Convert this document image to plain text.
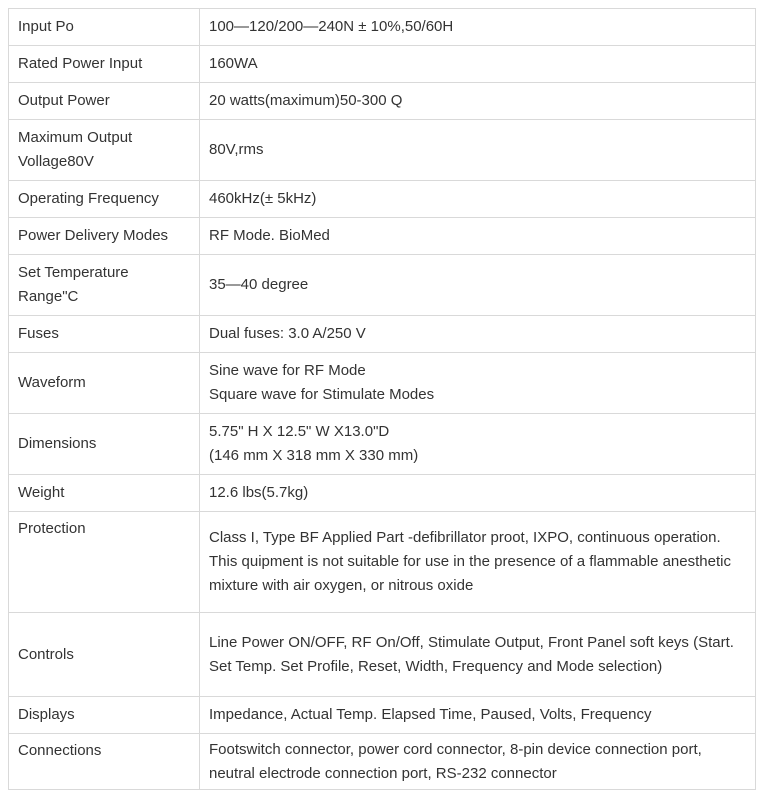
Input Po	100—120/200—240N ± 10%,50/60H
Rated Power Input	160WA
Output Power	20 watts(maximum)50-300 Q
Maximum Output Vollage80V	80V,rms
Operating Frequency	460kHz(± 5kHz)
Power Delivery Modes	RF Mode. BioMed
Set Temperature Range"C	35—40 degree
Fuses	Dual fuses: 3.0 A/250 V
Waveform	Sine wave for RF Mode
Square wave for Stimulate Modes
Dimensions	5.75" H X 12.5" W X13.0"D
(146 mm X 318 mm X 330 mm)
Weight	12.6 lbs(5.7kg)
Protection	Class I, Type BF Applied Part -defibrillator proot, IXPO, continuous operation. This quipment is not suitable for use in the presence of a flammable anesthetic mixture with air oxygen, or nitrous oxide
Controls	Line Power ON/OFF, RF On/Off, Stimulate Output, Front Panel soft keys (Start. Set Temp. Set Profile, Reset, Width, Frequency and Mode selection)
Displays	Impedance, Actual Temp. Elapsed Time, Paused, Volts, Frequency
Connections	Footswitch connector, power cord connector, 8-pin device connection port, neutral electrode connection port, RS-232 connector
